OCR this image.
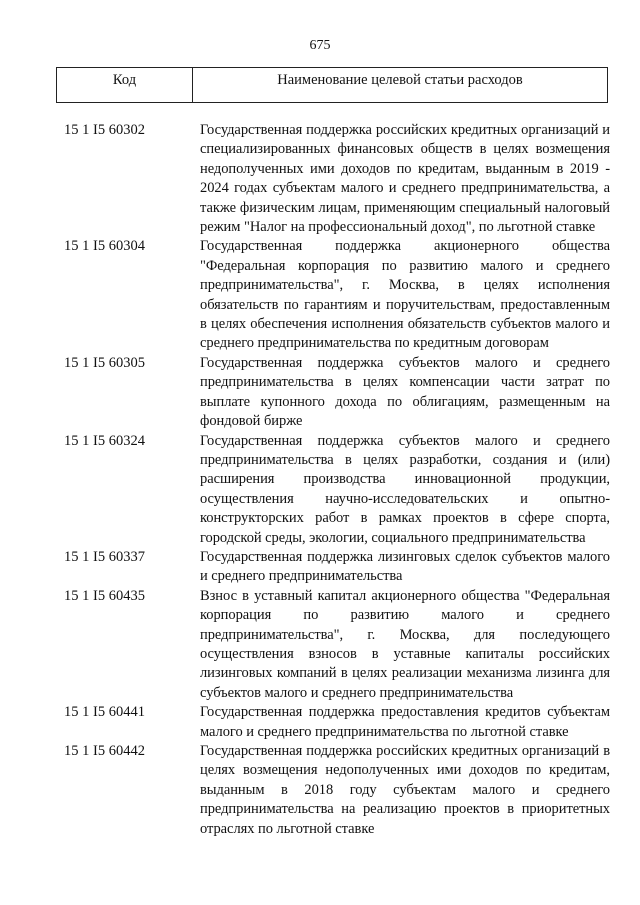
675
Код	Наименование целевой статьи расходов
15 1 I5 60302	Государственная поддержка российских кредитных организаций и специализированных финансовых обществ в целях возмещения недополученных ими доходов по кредитам, выданным в 2019 - 2024 годах субъектам малого и среднего предпринимательства, а также физическим лицам, применяющим специальный налоговый режим "Налог на профессиональный доход", по льготной ставке
15 1 I5 60304	Государственная поддержка акционерного общества "Федеральная корпорация по развитию малого и среднего предпринимательства", г. Москва, в целях исполнения обязательств по гарантиям и поручительствам, предоставленным в целях обеспечения исполнения обязательств субъектов малого и среднего предпринимательства по кредитным договорам
15 1 I5 60305	Государственная поддержка субъектов малого и среднего предпринимательства в целях компенсации части затрат по выплате купонного дохода по облигациям, размещенным на фондовой бирже
15 1 I5 60324	Государственная поддержка субъектов малого и среднего предпринимательства в целях разработки, создания и (или) расширения производства инновационной продукции, осуществления научно-исследовательских и опытно-конструкторских работ в рамках проектов в сфере спорта, городской среды, экологии, социального предпринимательства
15 1 I5 60337	Государственная поддержка лизинговых сделок субъектов малого и среднего предпринимательства
15 1 I5 60435	Взнос в уставный капитал акционерного общества "Федеральная корпорация по развитию малого и среднего предпринимательства", г. Москва, для последующего осуществления взносов в уставные капиталы российских лизинговых компаний в целях реализации механизма лизинга для субъектов малого и среднего предпринимательства
15 1 I5 60441	Государственная поддержка предоставления кредитов субъектам малого и среднего предпринимательства по льготной ставке
15 1 I5 60442	Государственная поддержка российских кредитных организаций в целях возмещения недополученных ими доходов по кредитам, выданным в 2018 году субъектам малого и среднего предпринимательства на реализацию проектов в приоритетных отраслях по льготной ставке
